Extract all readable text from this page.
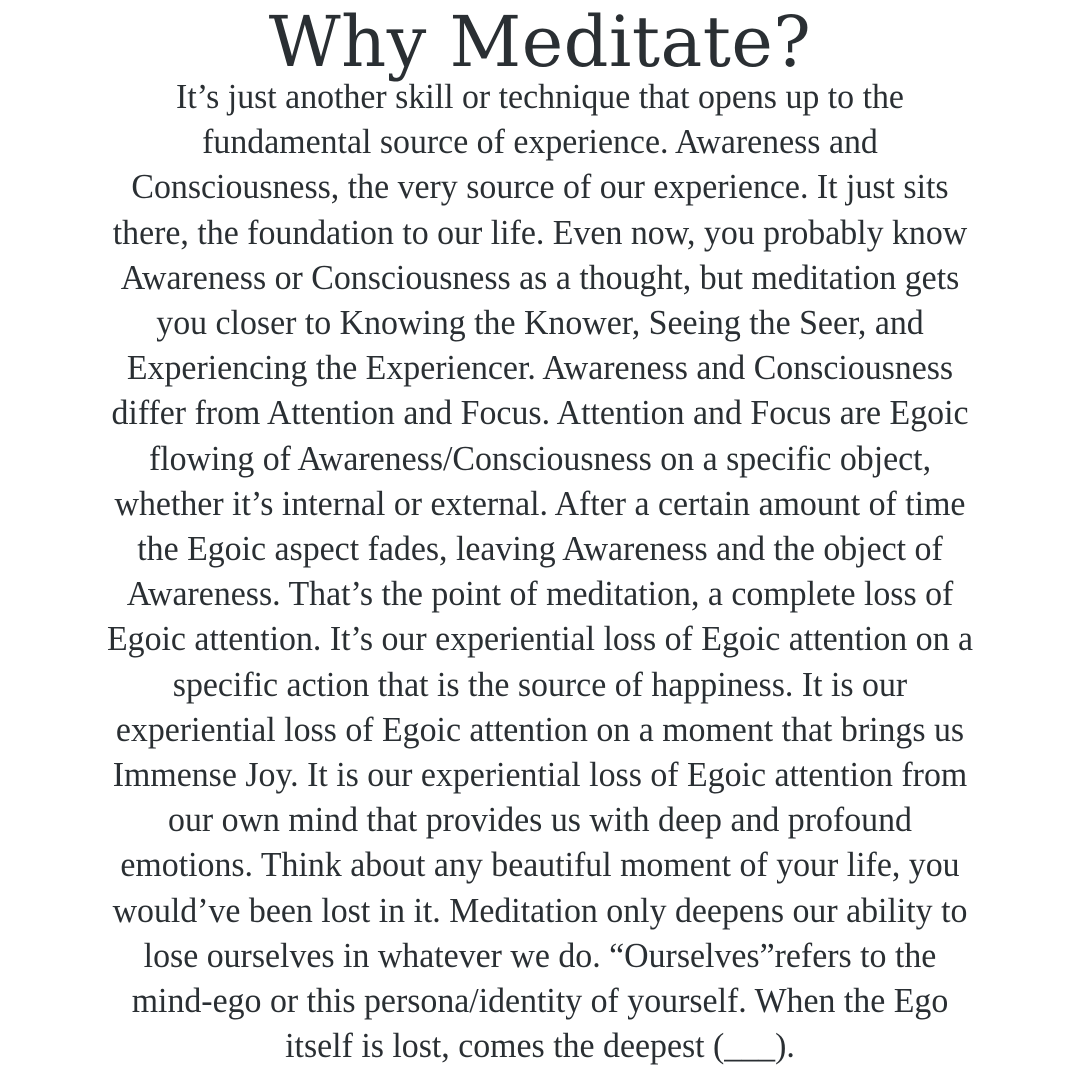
Why Meditate?
It’s just another skill or technique that opens up to the
fundamental source of experience. Awareness and
Consciousness, the very source of our experience. It just sits
there, the foundation to our life. Even now, you probably know
Awareness or Consciousness as a thought, but meditation gets
you closer to Knowing the Knower, Seeing the Seer, and
Experiencing the Experiencer. Awareness and Consciousness
differ from Attention and Focus. Attention and Focus are Egoic
flowing of Awareness/Consciousness on a specific object,
whether it’s internal or external. After a certain amount of time
the Egoic aspect fades, leaving Awareness and the object of
Awareness. That’s the point of meditation, a complete loss of
Egoic attention. It’s our experiential loss of Egoic attention on a
specific action that is the source of happiness. It is our
experiential loss of Egoic attention on a moment that brings us
Immense Joy. It is our experiential loss of Egoic attention from
our own mind that provides us with deep and profound
emotions. Think about any beautiful moment of your life, you
would’ve been lost in it. Meditation only deepens our ability to
lose ourselves in whatever we do. “Ourselves”refers to the
mind-ego or this persona/identity of yourself. When the Ego
itself is lost, comes the deepest (___).
